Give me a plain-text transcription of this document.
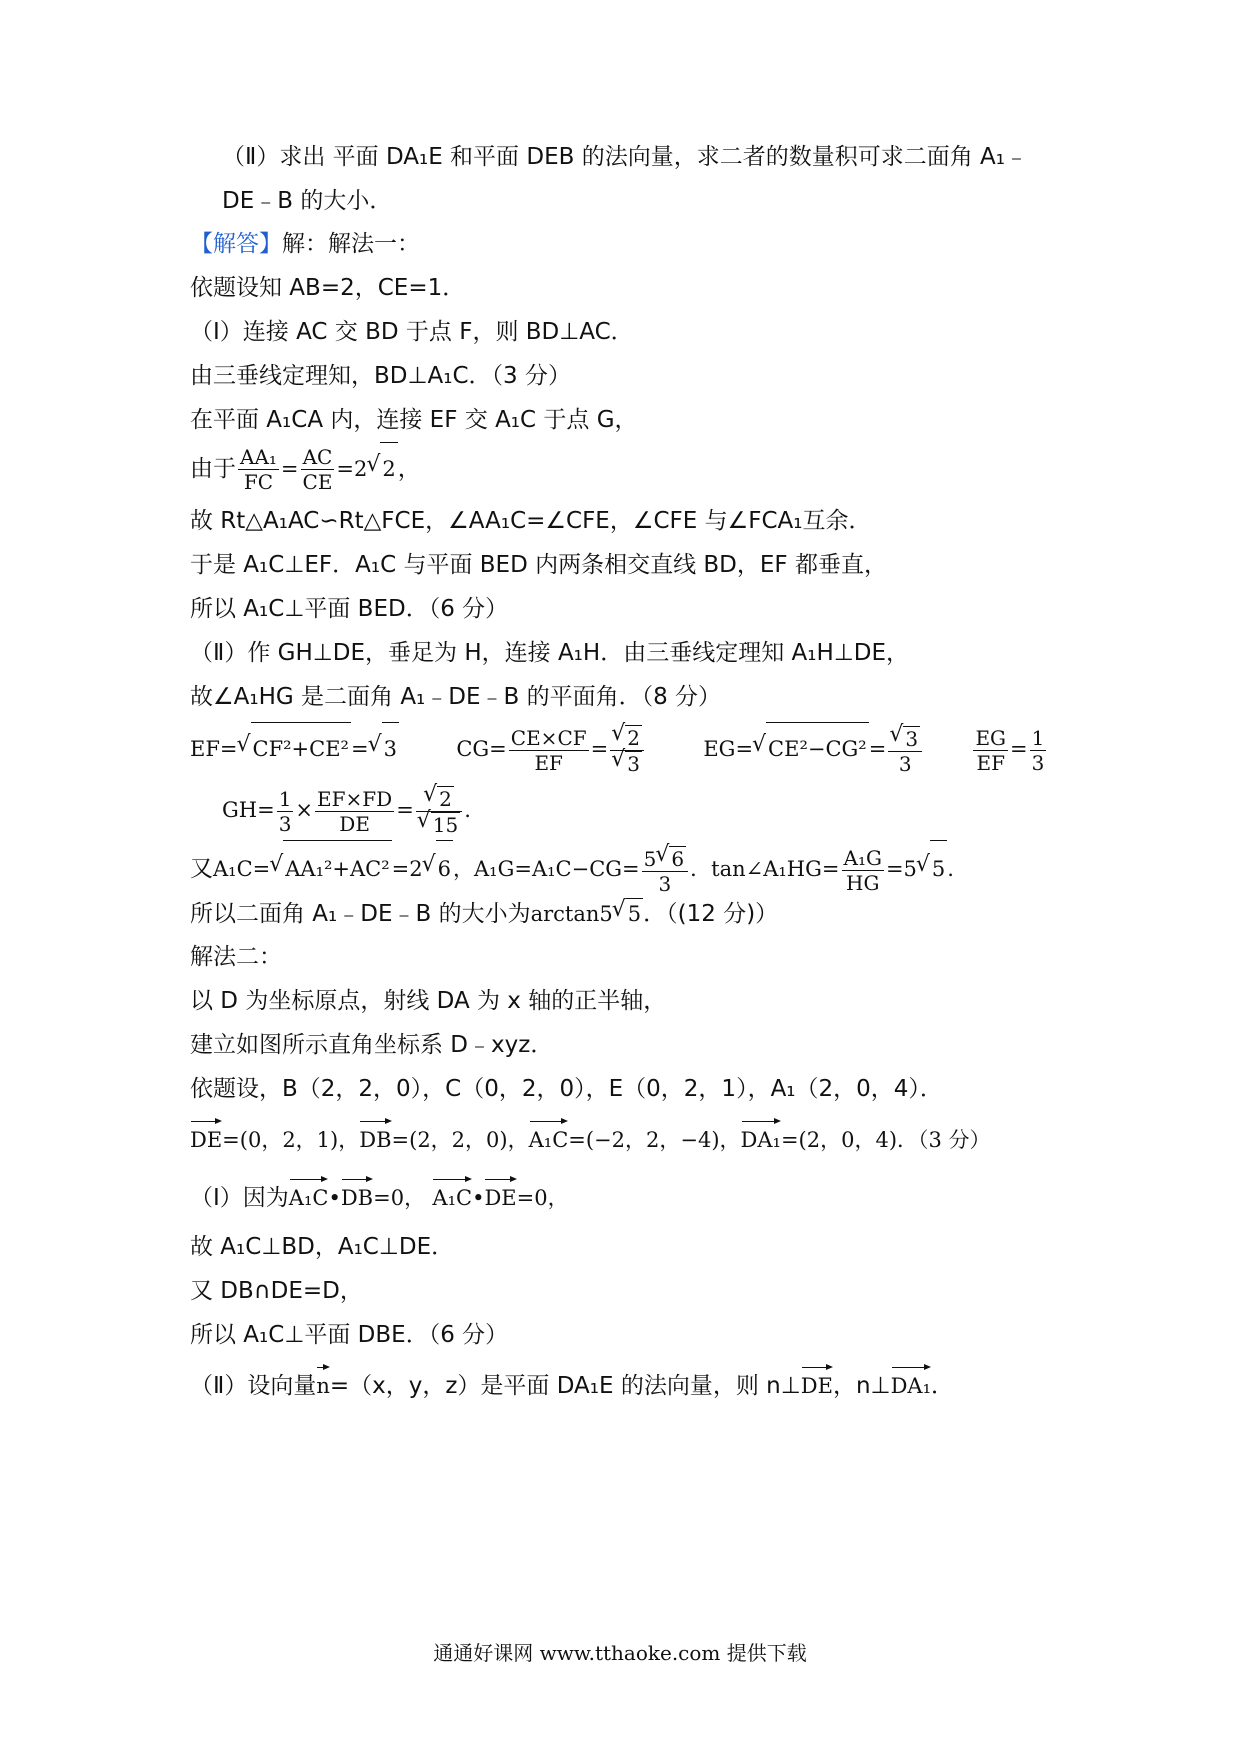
（Ⅱ）求出 平面 DA₁E 和平面 DEB 的法向量，求二者的数量积可求二面角 A₁﹣
DE﹣B 的大小．
【解答】解：解法一：
依题设知 AB=2，CE=1．
（Ⅰ）连接 AC 交 BD 于点 F，则 BD⊥AC．
由三垂线定理知，BD⊥A₁C．（3 分）
在平面 A₁CA 内，连接 EF 交 A₁C 于点 G，
由于 $\frac{\text{AA₁}}{FC} = \frac{AC}{CE} =2√$ 2，
故 Rt△A₁AC∽Rt△FCE，∠AA₁C=∠CFE，∠CFE 与∠FCA₁互余．
于是 A₁C⊥EF．A₁C 与平面 BED 内两条相交直线 BD，EF 都垂直，
所以 A₁C⊥平面 BED．（6 分）
（Ⅱ）作 GH⊥DE，垂足为 H，连接 A₁H．由三垂线定理知 A₁H⊥DE，
故∠A₁HG 是二面角 A₁﹣DE﹣B 的平面角．（8 分）
EF=√ CF²+CE²=√ 3	$CG= \frac{CE\times CF}{EF}$ =
√ 2
√ 3	EG=√ CE²−CG²=
√ $\frac{3}{3}$
	$\frac{EG}{EF} = \frac{1}{3}$
$GH= \frac{1}{3} \times \frac{EF\times FD}{DE}$ =
√ 2
√ 15 .
又A₁C=√ AA₁²+AC²=2√ 6，$A_1G=A_1C-CG= \frac{5√ 6}{3}$ ．tan∠A₁HG= $\frac{\text{A₁G}}{HG} =5√$ 5.
所以二面角 A₁﹣DE﹣B 的大小为arctan5√ 5．（(12 分)）
解法二：
以 D 为坐标原点，射线 DA 为 x 轴的正半轴，
建立如图所示直角坐标系 D﹣xyz．
依题设，B（2，2，0），C（0，2，0），E（0，2，1），A₁（2，0，4）．
DE=(0，2，1)，DB=(2，2，0)，A₁C=(−2，2，−4)，DA₁=(2，0，4)．（3 分）
（Ⅰ）因为A₁C•DB=0， A₁C•DE=0，
故 A₁C⊥BD，A₁C⊥DE．
又 DB∩DE=D，
所以 A₁C⊥平面 DBE．（6 分）
（Ⅱ）设向量n=（x，y，z）是平面 DA₁E 的法向量，则 n⊥DE，n⊥DA₁．
通通好课网 www.tthaoke.com 提供下载
